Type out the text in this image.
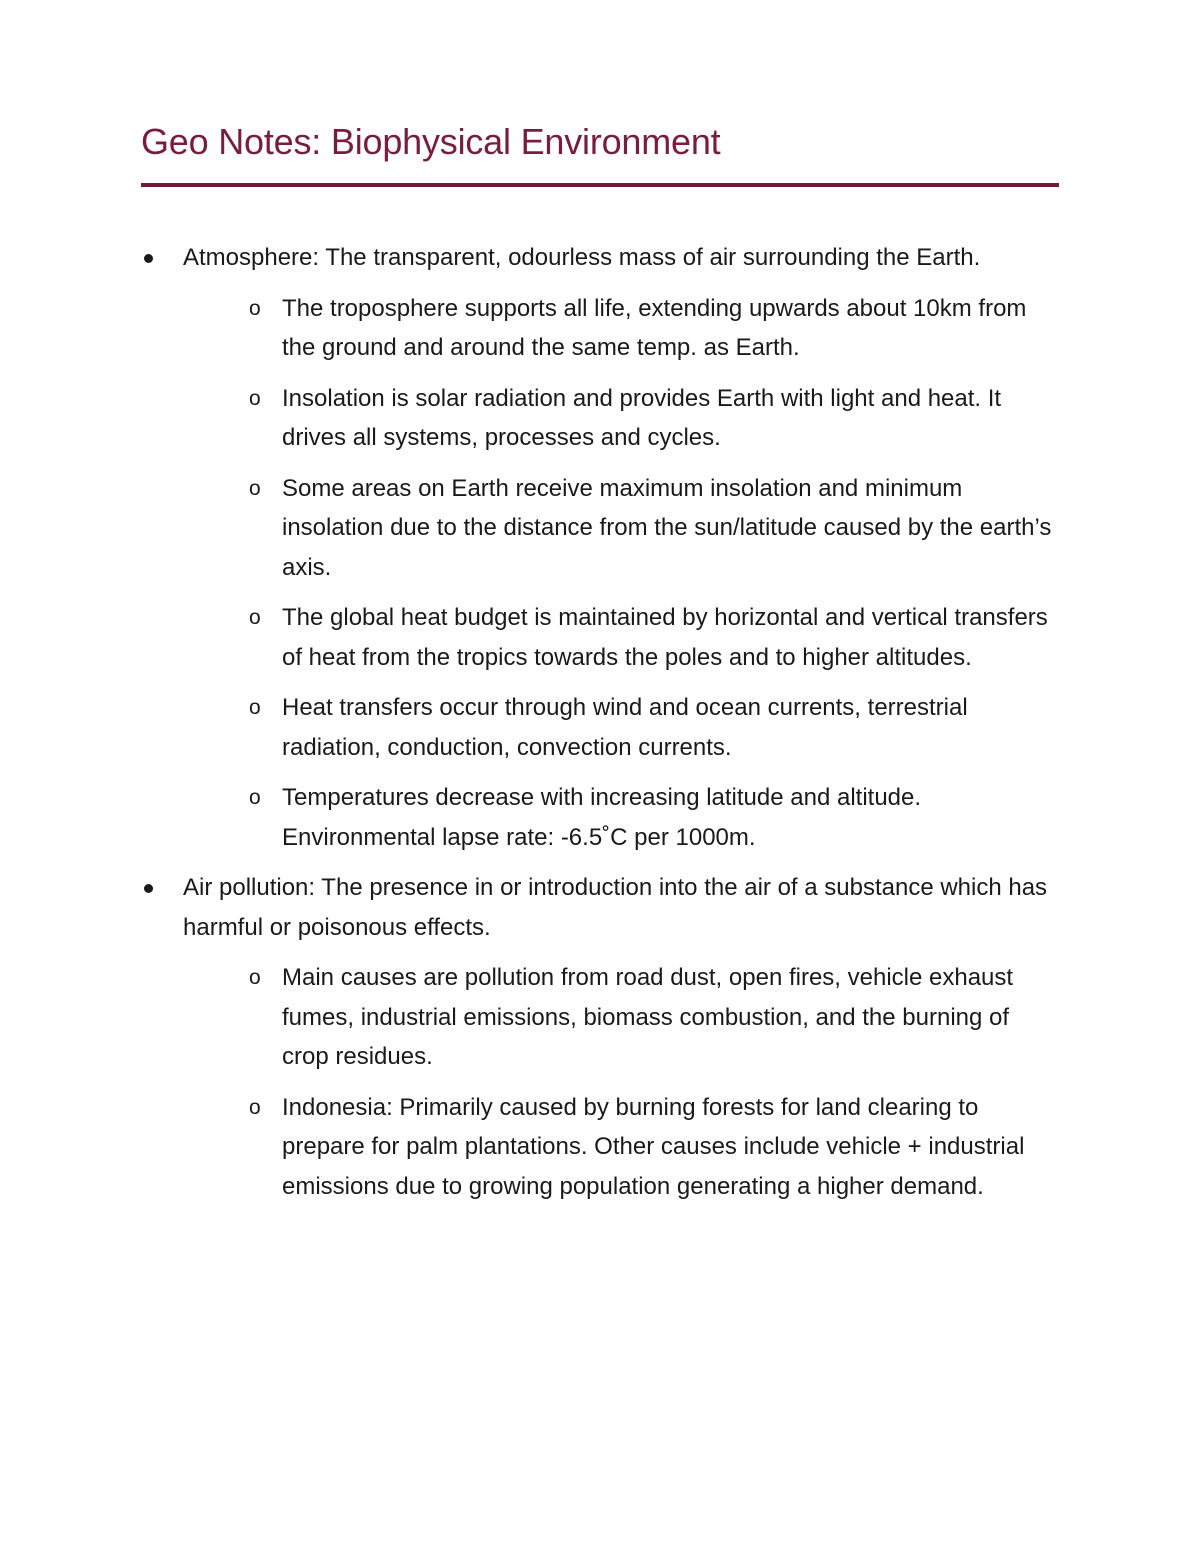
Geo Notes: Biophysical Environment
Atmosphere: The transparent, odourless mass of air surrounding the Earth.
o The troposphere supports all life, extending upwards about 10km from the ground and around the same temp. as Earth.
o Insolation is solar radiation and provides Earth with light and heat. It drives all systems, processes and cycles.
o Some areas on Earth receive maximum insolation and minimum insolation due to the distance from the sun/latitude caused by the earth’s axis.
o The global heat budget is maintained by horizontal and vertical transfers of heat from the tropics towards the poles and to higher altitudes.
o Heat transfers occur through wind and ocean currents, terrestrial radiation, conduction, convection currents.
o Temperatures decrease with increasing latitude and altitude. Environmental lapse rate: -6.5˚C per 1000m.
Air pollution: The presence in or introduction into the air of a substance which has harmful or poisonous effects.
o Main causes are pollution from road dust, open fires, vehicle exhaust fumes, industrial emissions, biomass combustion, and the burning of crop residues.
o Indonesia: Primarily caused by burning forests for land clearing to prepare for palm plantations. Other causes include vehicle + industrial emissions due to growing population generating a higher demand.
